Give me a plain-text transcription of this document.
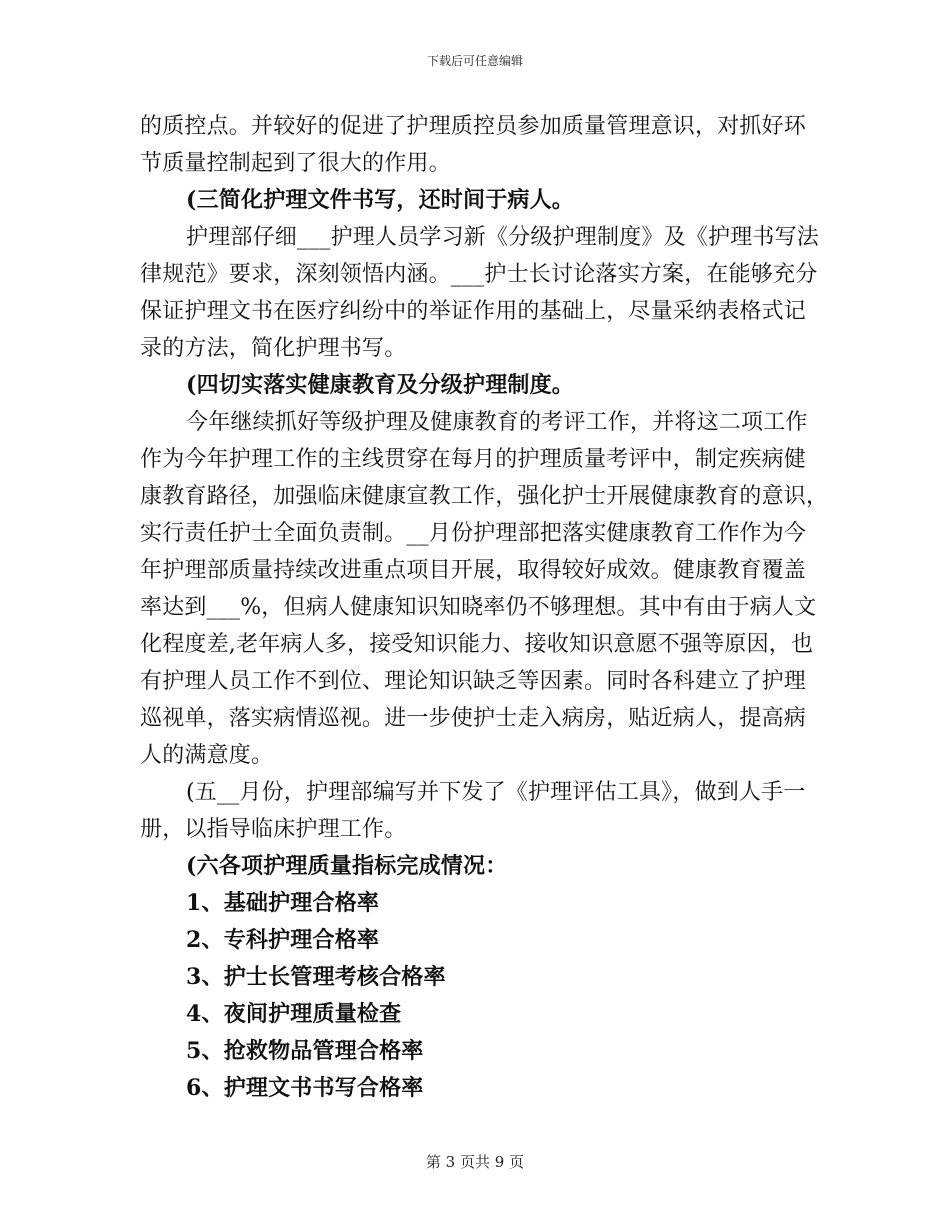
下载后可任意编辑
的质控点。并较好的促进了护理质控员参加质量管理意识，对抓好环
节质量控制起到了很大的作用。
(三简化护理文件书写，还时间于病人。
护理部仔细___护理人员学习新《分级护理制度》及《护理书写法
律规范》要求，深刻领悟内涵。___护士长讨论落实方案，在能够充分
保证护理文书在医疗纠纷中的举证作用的基础上，尽量采纳表格式记
录的方法，简化护理书写。
(四切实落实健康教育及分级护理制度。
今年继续抓好等级护理及健康教育的考评工作，并将这二项工作
作为今年护理工作的主线贯穿在每月的护理质量考评中，制定疾病健
康教育路径，加强临床健康宣教工作，强化护士开展健康教育的意识，
实行责任护士全面负责制。__月份护理部把落实健康教育工作作为今
年护理部质量持续改进重点项目开展，取得较好成效。健康教育覆盖
率达到___%，但病人健康知识知晓率仍不够理想。其中有由于病人文
化程度差,老年病人多，接受知识能力、接收知识意愿不强等原因，也
有护理人员工作不到位、理论知识缺乏等因素。同时各科建立了护理
巡视单，落实病情巡视。进一步使护士走入病房，贴近病人，提高病
人的满意度。
(五__月份，护理部编写并下发了《护理评估工具》，做到人手一
册，以指导临床护理工作。
(六各项护理质量指标完成情况：
1、基础护理合格率
2、专科护理合格率
3、护士长管理考核合格率
4、夜间护理质量检查
5、抢救物品管理合格率
6、护理文书书写合格率
第 3 页共 9 页
